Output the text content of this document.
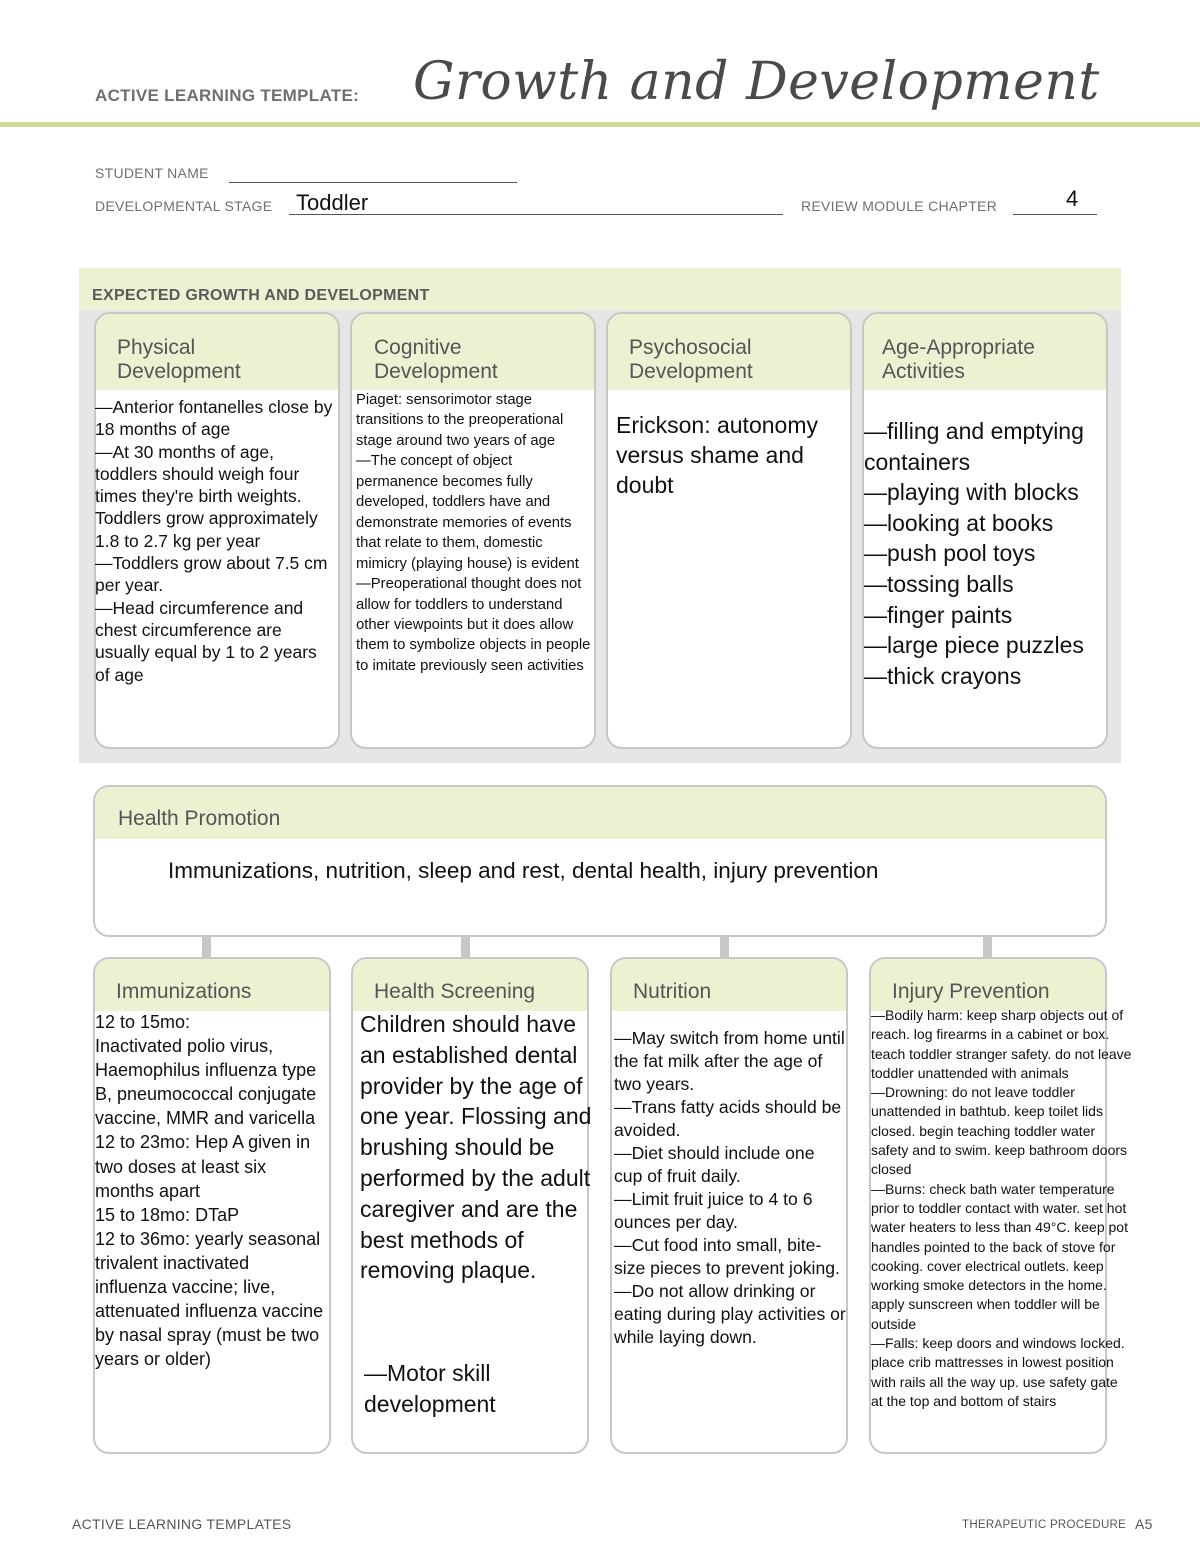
ACTIVE LEARNING TEMPLATE: Growth and Development
STUDENT NAME
DEVELOPMENTAL STAGE Toddler	REVIEW MODULE CHAPTER	4
EXPECTED GROWTH AND DEVELOPMENT
Physical
Development
—Anterior fontanelles close by 18 months of age
—At 30 months of age, toddlers should weigh four times they're birth weights. Toddlers grow approximately 1.8 to 2.7 kg per year
—Toddlers grow about 7.5 cm per year.
—Head circumference and chest circumference are usually equal by 1 to 2 years of age
Cognitive
Development
Piaget: sensorimotor stage transitions to the preoperational stage around two years of age
—The concept of object permanence becomes fully developed, toddlers have and demonstrate memories of events that relate to them, domestic mimicry (playing house) is evident
—Preoperational thought does not allow for toddlers to understand other viewpoints but it does allow them to symbolize objects in people to imitate previously seen activities
Psychosocial
Development
Erickson: autonomy versus shame and doubt
Age-Appropriate
Activities
—filling and emptying containers
—playing with blocks
—looking at books
—push pool toys
—tossing balls
—finger paints
—large piece puzzles
—thick crayons
Health Promotion
Immunizations, nutrition, sleep and rest, dental health, injury prevention
Immunizations
12 to 15mo:
Inactivated polio virus, Haemophilus influenza type B, pneumococcal conjugate vaccine, MMR and varicella
12 to 23mo: Hep A given in two doses at least six months apart
15 to 18mo: DTaP
12 to 36mo: yearly seasonal trivalent inactivated influenza vaccine; live, attenuated influenza vaccine by nasal spray (must be two years or older)
Health Screening
Children should have an established dental provider by the age of one year. Flossing and brushing should be performed by the adult caregiver and are the best methods of removing plaque.
—Motor skill development
Nutrition
—May switch from home until the fat milk after the age of two years.
—Trans fatty acids should be avoided.
—Diet should include one cup of fruit daily.
—Limit fruit juice to 4 to 6 ounces per day.
—Cut food into small, bite-size pieces to prevent joking.
—Do not allow drinking or eating during play activities or while laying down.
Injury Prevention
—Bodily harm: keep sharp objects out of reach. log firearms in a cabinet or box. teach toddler stranger safety. do not leave toddler unattended with animals
—Drowning: do not leave toddler unattended in bathtub. keep toilet lids closed. begin teaching toddler water safety and to swim. keep bathroom doors closed
—Burns: check bath water temperature prior to toddler contact with water. set hot water heaters to less than 49°C. keep pot handles pointed to the back of stove for cooking. cover electrical outlets. keep working smoke detectors in the home. apply sunscreen when toddler will be outside
—Falls: keep doors and windows locked. place crib mattresses in lowest position with rails all the way up. use safety gate at the top and bottom of stairs
ACTIVE LEARNING TEMPLATES	THERAPEUTIC PROCEDURE A5
